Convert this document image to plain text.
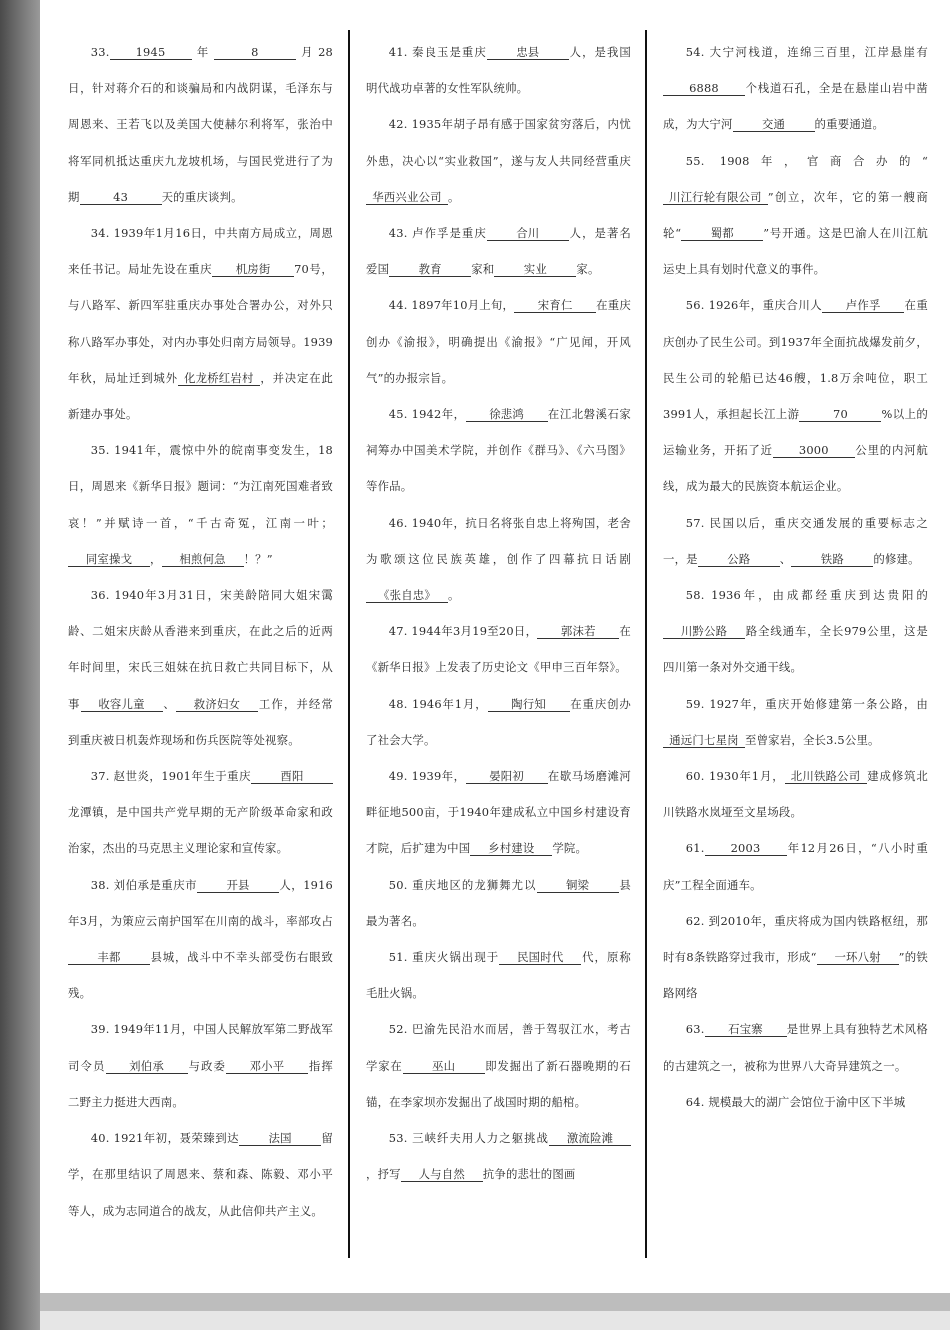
33. 1945 年	8	月28日，针对蒋介石的和谈骗局和内战阴谋，毛泽东与周恩来、王若飞以及美国大使赫尔利将军，张治中将军同机抵达重庆九龙坡机场，与国民党进行了为期	43	天的重庆谈判。

34. 1939年1月16日，中共南方局成立，周恩来任书记。局址先设在重庆 机房街 70号，与八路军、新四军驻重庆办事处合署办公，对外只称八路军办事处，对内办事处归南方局领导。1939年秋，局址迁到城外 化龙桥红岩村 ，并决定在此新建办事处。

35. 1941年，震惊中外的皖南事变发生，18日，周恩来《新华日报》题词：“为江南死国难者致哀！”并赋诗一首，“千古奇冤，江南一叶；同室操戈 ， 相煎何急 ！？”

36. 1940年3月31日，宋美龄陪同大姐宋霭龄、二姐宋庆龄从香港来到重庆，在此之后的近两年时间里，宋氏三姐妹在抗日救亡共同目标下，从事 收容儿童 、 救济妇女 工作，并经常到重庆被日机轰炸现场和伤兵医院等处视察。

37. 赵世炎，1901年生于重庆	酉阳龙潭镇，是中国共产党早期的无产阶级革命家和政治家，杰出的马克思主义理论家和宣传家。

38. 刘伯承是重庆市	开县	人，1916年3月，为策应云南护国军在川南的战斗，率部攻占丰都	县城，战斗中不幸头部受伤右眼致残。

39. 1949年11月，中国人民解放军第二野战军司令员 刘伯承 与政委 邓小平 指挥二野主力挺进大西南。

40. 1921年初，聂荣臻到达	法国	留学，在那里结识了周恩来、蔡和森、陈毅、邓小平等人，成为志同道合的战友，从此信仰共产主义。

41. 秦良玉是重庆	忠县	人，是我国明代战功卓著的女性军队统帅。

42. 1935年胡子昂有感于国家贫穷落后，内忧外患，决心以“实业救国”，遂与友人共同经营重庆华西兴业公司 。

43. 卢作孚是重庆	合川	人，是著名爱国	教育	家和	实业	家。

44. 1897年10月上旬， 宋育仁 在重庆创办《渝报》，明确提出《渝报》“广见闻，开风气”的办报宗旨。

45. 1942年， 徐悲鸿 在江北磐溪石家祠筹办中国美术学院，并创作《群马》、《六马图》等作品。

46. 1940年，抗日名将张自忠上将殉国，老舍为歌颂这位民族英雄，创作了四幕抗日话剧《张自忠》 。

47. 1944年3月19至20日， 郭沫若 在《新华日报》上发表了历史论文《甲申三百年祭》。

48. 1946年1月， 陶行知 在重庆创办了社会大学。

49. 1939年， 晏阳初 在歇马场磨滩河畔征地500亩，于1940年建成私立中国乡村建设育才院，后扩建为中国 乡村建设 学院。

50. 重庆地区的龙狮舞尤以	铜梁	县最为著名。

51. 重庆火锅出现于 民国时代 代，原称毛肚火锅。

52. 巴渝先民沿水而居，善于驾驭江水，考古学家在	巫山	即发掘出了新石器晚期的石锚，在李家坝亦发掘出了战国时期的船棺。

53. 三峡纤夫用人力之躯挑战 激流险滩，抒写 人与自然 抗争的悲壮的图画

54. 大宁河栈道，连绵三百里，江岸悬崖有6888 个栈道石孔，全是在悬崖山岩中凿成，为大宁河	交通	的重要通道。

55. 1908年，官商合办的“川江行轮有限公司 ”创立，次年，它的第一艘商轮“	蜀都	”号开通。这是巴渝人在川江航运史上具有划时代意义的事件。

56. 1926年，重庆合川人 卢作孚 在重庆创办了民生公司。到1937年全面抗战爆发前夕，民生公司的轮船已达46艘，1.8万余吨位，职工3991人，承担起长江上游	70	%以上的运输业务，开拓了近 3000 公里的内河航线，成为最大的民族资本航运企业。

57. 民国以后，重庆交通发展的重要标志之一，是	公路	、	铁路	的修建。

58. 1936年，由成都经重庆到达贵阳的川黔公路 路全线通车，全长979公里，这是四川第一条对外交通干线。

59. 1927年，重庆开始修建第一条公路，由通远门七星岗 至曾家岩，全长3.5公里。

60. 1930年1月， 北川铁路公司 建成修筑北川铁路水岚垭至文星场段。

61. 2003 年12月26日，“八小时重庆”工程全面通车。

62. 到2010年，重庆将成为国内铁路枢纽，那时有8条铁路穿过我市，形成“ 一环八射 ”的铁路网络

63. 石宝寨 是世界上具有独特艺术风格的古建筑之一，被称为世界八大奇异建筑之一。

64. 规模最大的湖广会馆位于渝中区下半城
